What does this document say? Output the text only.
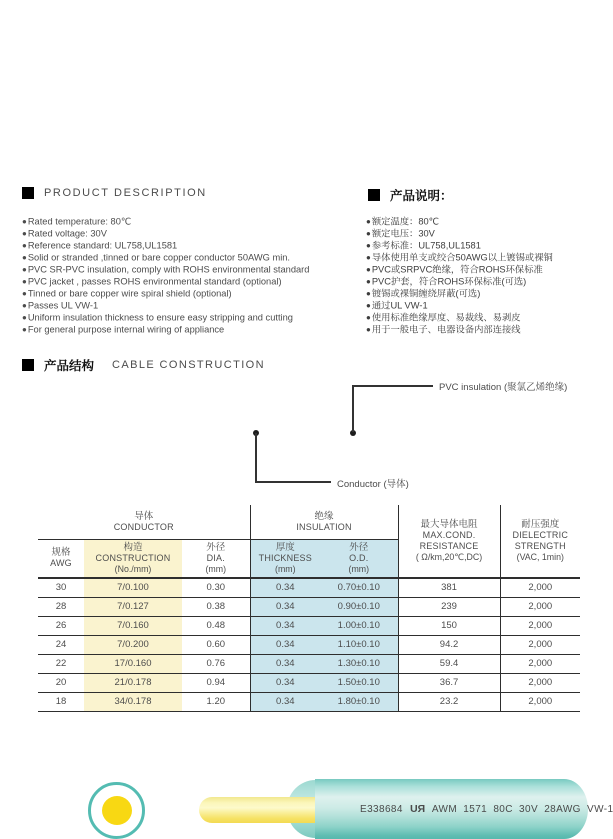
PRODUCT DESCRIPTION	产品说明：
●Rated temperature: 80℃
●Rated voltage: 30V
●Reference standard: UL758,UL1581
●Solid or stranded ,tinned or bare copper conductor 50AWG min.
●PVC SR-PVC insulation, comply with ROHS environmental standard
●PVC jacket , passes ROHS environmental standard (optional)
●Tinned or bare copper wire spiral shield (optional)
●Passes UL VW-1
●Uniform insulation thickness to ensure easy stripping and cutting
●For general purpose internal wiring of appliance
●额定温度：80℃
●额定电压：30V
●参考标准：UL758,UL1581
●导体使用单支或绞合50AWG以上镀锡或裸铜
●PVC或SRPVC绝缘，符合ROHS环保标准
●PVC护套，符合ROHS环保标准(可选)
●镀锡或裸铜缠绕屏蔽(可选)
●通过UL VW-1
●使用标准绝缘厚度、易裁线、易剥皮
●用于一般电子、电器设备内部连接线
产品结构 CABLE CONSTRUCTION
E338684 RU AWM 1571 80C 30V 28AWG VW-1
PVC insulation (聚氯乙烯绝缘)
Conductor (导体)
导体
CONDUCTOR			绝缘
INSULATION		最大导体电阻
MAX.COND.
RESISTANCE
( Ω/km,20℃,DC)	耐压强度
DIELECTRIC
STRENGTH
(VAC, 1min)

规格
AWG	构造
CONSTRUCTION
(No./mm)	外径
DIA.
(mm)	厚度
THICKNESS
(mm)	外径
O.D.
(mm)		

30	7/0.100	0.30	0.34	0.70±0.10	381	2,000
28	7/0.127	0.38	0.34	0.90±0.10	239	2,000
26	7/0.160	0.48	0.34	1.00±0.10	150	2,000
24	7/0.200	0.60	0.34	1.10±0.10	94.2	2,000
22	17/0.160	0.76	0.34	1.30±0.10	59.4	2,000
20	21/0.178	0.94	0.34	1.50±0.10	36.7	2,000
18	34/0.178	1.20	0.34	1.80±0.10	23.2	2,000
